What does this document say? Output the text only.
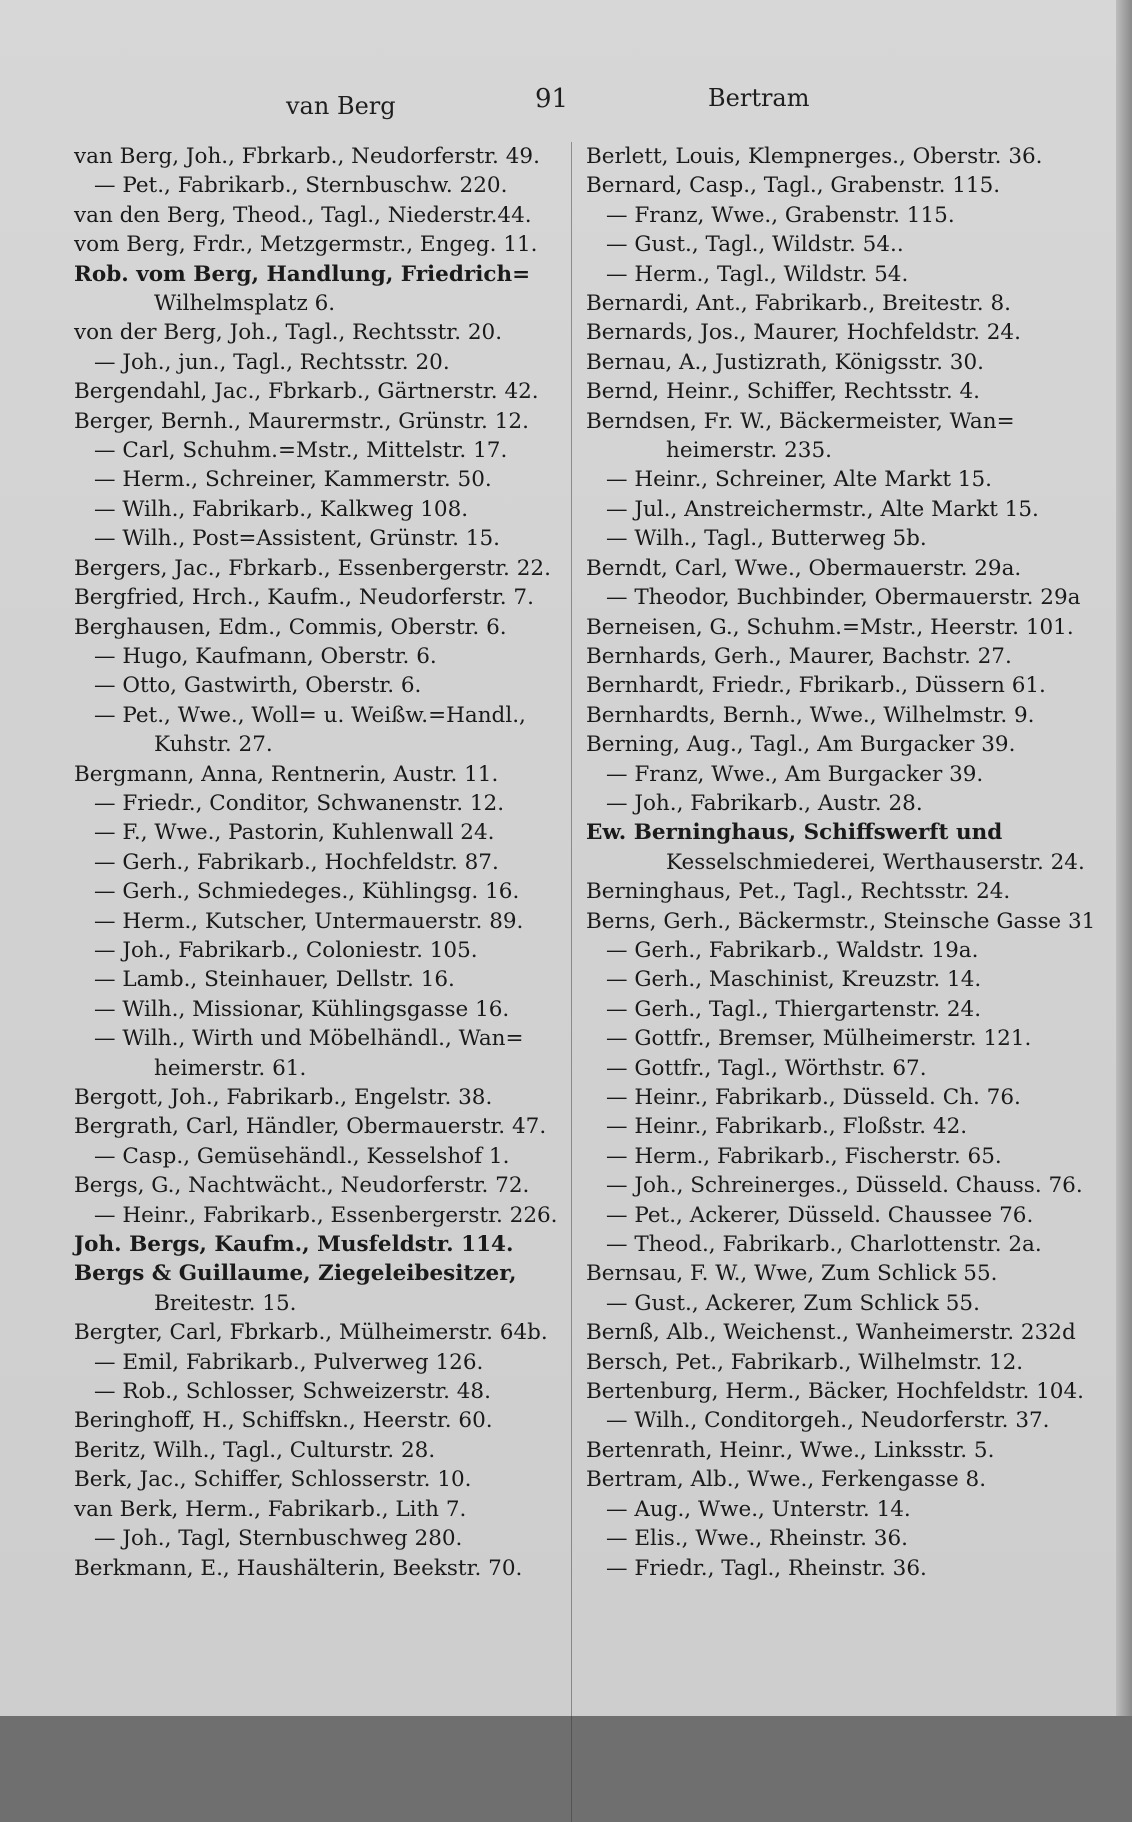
van Berg	91	Bertram
van Berg, Joh., Fbrkarb., Neudorferstr. 49.
— Pet., Fabrikarb., Sternbuschw. 220.
van den Berg, Theod., Tagl., Niederstr.44.
vom Berg, Frdr., Metzgermstr., Engeg. 11.
Rob. vom Berg, Handlung, Friedrich=
Wilhelmsplatz 6.
von der Berg, Joh., Tagl., Rechtsstr. 20.
— Joh., jun., Tagl., Rechtsstr. 20.
Bergendahl, Jac., Fbrkarb., Gärtnerstr. 42.
Berger, Bernh., Maurermstr., Grünstr. 12.
— Carl, Schuhm.=Mstr., Mittelstr. 17.
— Herm., Schreiner, Kammerstr. 50.
— Wilh., Fabrikarb., Kalkweg 108.
— Wilh., Post=Assistent, Grünstr. 15.
Bergers, Jac., Fbrkarb., Essenbergerstr. 22.
Bergfried, Hrch., Kaufm., Neudorferstr. 7.
Berghausen, Edm., Commis, Oberstr. 6.
— Hugo, Kaufmann, Oberstr. 6.
— Otto, Gastwirth, Oberstr. 6.
— Pet., Wwe., Woll= u. Weißw.=Handl.,
Kuhstr. 27.
Bergmann, Anna, Rentnerin, Austr. 11.
— Friedr., Conditor, Schwanenstr. 12.
— F., Wwe., Pastorin, Kuhlenwall 24.
— Gerh., Fabrikarb., Hochfeldstr. 87.
— Gerh., Schmiedeges., Kühlingsg. 16.
— Herm., Kutscher, Untermauerstr. 89.
— Joh., Fabrikarb., Coloniestr. 105.
— Lamb., Steinhauer, Dellstr. 16.
— Wilh., Missionar, Kühlingsgasse 16.
— Wilh., Wirth und Möbelhändl., Wan=
heimerstr. 61.
Bergott, Joh., Fabrikarb., Engelstr. 38.
Bergrath, Carl, Händler, Obermauerstr. 47.
— Casp., Gemüsehändl., Kesselshof 1.
Bergs, G., Nachtwächt., Neudorferstr. 72.
— Heinr., Fabrikarb., Essenbergerstr. 226.
Joh. Bergs, Kaufm., Musfeldstr. 114.
Bergs & Guillaume, Ziegeleibesitzer,
Breitestr. 15.
Bergter, Carl, Fbrkarb., Mülheimerstr. 64b.
— Emil, Fabrikarb., Pulverweg 126.
— Rob., Schlosser, Schweizerstr. 48.
Beringhoff, H., Schiffskn., Heerstr. 60.
Beritz, Wilh., Tagl., Culturstr. 28.
Berk, Jac., Schiffer, Schlosserstr. 10.
van Berk, Herm., Fabrikarb., Lith 7.
— Joh., Tagl, Sternbuschweg 280.
Berkmann, E., Haushälterin, Beekstr. 70.
Berlett, Louis, Klempnerges., Oberstr. 36.
Bernard, Casp., Tagl., Grabenstr. 115.
— Franz, Wwe., Grabenstr. 115.
— Gust., Tagl., Wildstr. 54..
— Herm., Tagl., Wildstr. 54.
Bernardi, Ant., Fabrikarb., Breitestr. 8.
Bernards, Jos., Maurer, Hochfeldstr. 24.
Bernau, A., Justizrath, Königsstr. 30.
Bernd, Heinr., Schiffer, Rechtsstr. 4.
Berndsen, Fr. W., Bäckermeister, Wan=
heimerstr. 235.
— Heinr., Schreiner, Alte Markt 15.
— Jul., Anstreichermstr., Alte Markt 15.
— Wilh., Tagl., Butterweg 5b.
Berndt, Carl, Wwe., Obermauerstr. 29a.
— Theodor, Buchbinder, Obermauerstr. 29a
Berneisen, G., Schuhm.=Mstr., Heerstr. 101.
Bernhards, Gerh., Maurer, Bachstr. 27.
Bernhardt, Friedr., Fbrikarb., Düssern 61.
Bernhardts, Bernh., Wwe., Wilhelmstr. 9.
Berning, Aug., Tagl., Am Burgacker 39.
— Franz, Wwe., Am Burgacker 39.
— Joh., Fabrikarb., Austr. 28.
Ew. Berninghaus, Schiffswerft und
Kesselschmiederei, Werthauserstr. 24.
Berninghaus, Pet., Tagl., Rechtsstr. 24.
Berns, Gerh., Bäckermstr., Steinsche Gasse 31
— Gerh., Fabrikarb., Waldstr. 19a.
— Gerh., Maschinist, Kreuzstr. 14.
— Gerh., Tagl., Thiergartenstr. 24.
— Gottfr., Bremser, Mülheimerstr. 121.
— Gottfr., Tagl., Wörthstr. 67.
— Heinr., Fabrikarb., Düsseld. Ch. 76.
— Heinr., Fabrikarb., Floßstr. 42.
— Herm., Fabrikarb., Fischerstr. 65.
— Joh., Schreinerges., Düsseld. Chauss. 76.
— Pet., Ackerer, Düsseld. Chaussee 76.
— Theod., Fabrikarb., Charlottenstr. 2a.
Bernsau, F. W., Wwe, Zum Schlick 55.
— Gust., Ackerer, Zum Schlick 55.
Bernß, Alb., Weichenst., Wanheimerstr. 232d
Bersch, Pet., Fabrikarb., Wilhelmstr. 12.
Bertenburg, Herm., Bäcker, Hochfeldstr. 104.
— Wilh., Conditorgeh., Neudorferstr. 37.
Bertenrath, Heinr., Wwe., Linksstr. 5.
Bertram, Alb., Wwe., Ferkengasse 8.
— Aug., Wwe., Unterstr. 14.
— Elis., Wwe., Rheinstr. 36.
— Friedr., Tagl., Rheinstr. 36.
